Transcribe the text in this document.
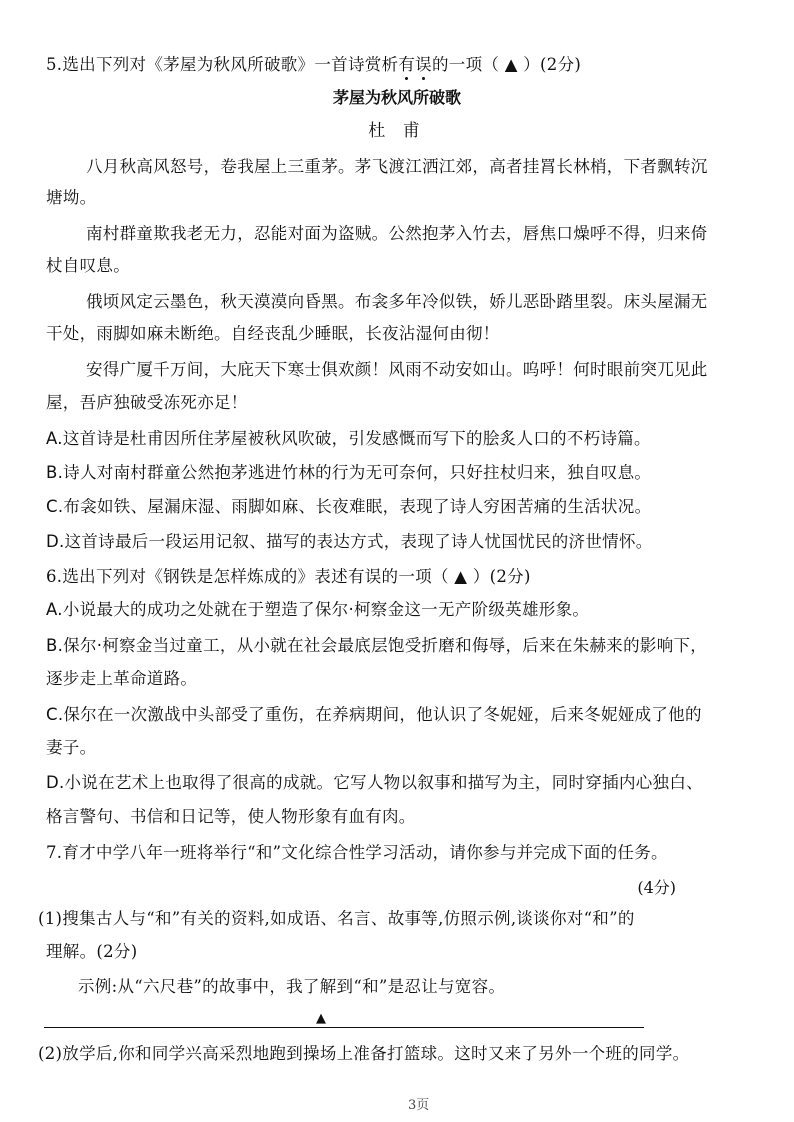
5.选出下列对《茅屋为秋风所破歌》一首诗赏析有误的一项（ ▲ ）(2分)
茅屋为秋风所破歌
杜 甫
八月秋高风怒号，卷我屋上三重茅。茅飞渡江洒江郊，高者挂罥长林梢，下者飘转沉
塘坳。
南村群童欺我老无力，忍能对面为盗贼。公然抱茅入竹去，唇焦口燥呼不得，归来倚
杖自叹息。
俄顷风定云墨色，秋天漠漠向昏黑。布衾多年冷似铁，娇儿恶卧踏里裂。床头屋漏无
干处，雨脚如麻未断绝。自经丧乱少睡眠，长夜沾湿何由彻！
安得广厦千万间，大庇天下寒士俱欢颜！风雨不动安如山。呜呼！何时眼前突兀见此
屋，吾庐独破受冻死亦足！
A.这首诗是杜甫因所住茅屋被秋风吹破，引发感慨而写下的脍炙人口的不朽诗篇。
B.诗人对南村群童公然抱茅逃进竹林的行为无可奈何，只好拄杖归来，独自叹息。
C.布衾如铁、屋漏床湿、雨脚如麻、长夜难眠，表现了诗人穷困苦痛的生活状况。
D.这首诗最后一段运用记叙、描写的表达方式，表现了诗人忧国忧民的济世情怀。
6.选出下列对《钢铁是怎样炼成的》表述有误的一项（ ▲ ）(2分)
A.小说最大的成功之处就在于塑造了保尔·柯察金这一无产阶级英雄形象。
B.保尔·柯察金当过童工，从小就在社会最底层饱受折磨和侮辱，后来在朱赫来的影响下，
逐步走上革命道路。
C.保尔在一次激战中头部受了重伤，在养病期间，他认识了冬妮娅，后来冬妮娅成了他的
妻子。
D.小说在艺术上也取得了很高的成就。它写人物以叙事和描写为主，同时穿插内心独白、
格言警句、书信和日记等，使人物形象有血有肉。
7.育才中学八年一班将举行“和”文化综合性学习活动，请你参与并完成下面的任务。
(4分)
(1)搜集古人与“和”有关的资料,如成语、名言、故事等,仿照示例,谈谈你对“和”的
理解。(2分)
示例:从“六尺巷”的故事中，我了解到“和”是忍让与宽容。
▲
(2)放学后,你和同学兴高采烈地跑到操场上准备打篮球。这时又来了另外一个班的同学。
3页
